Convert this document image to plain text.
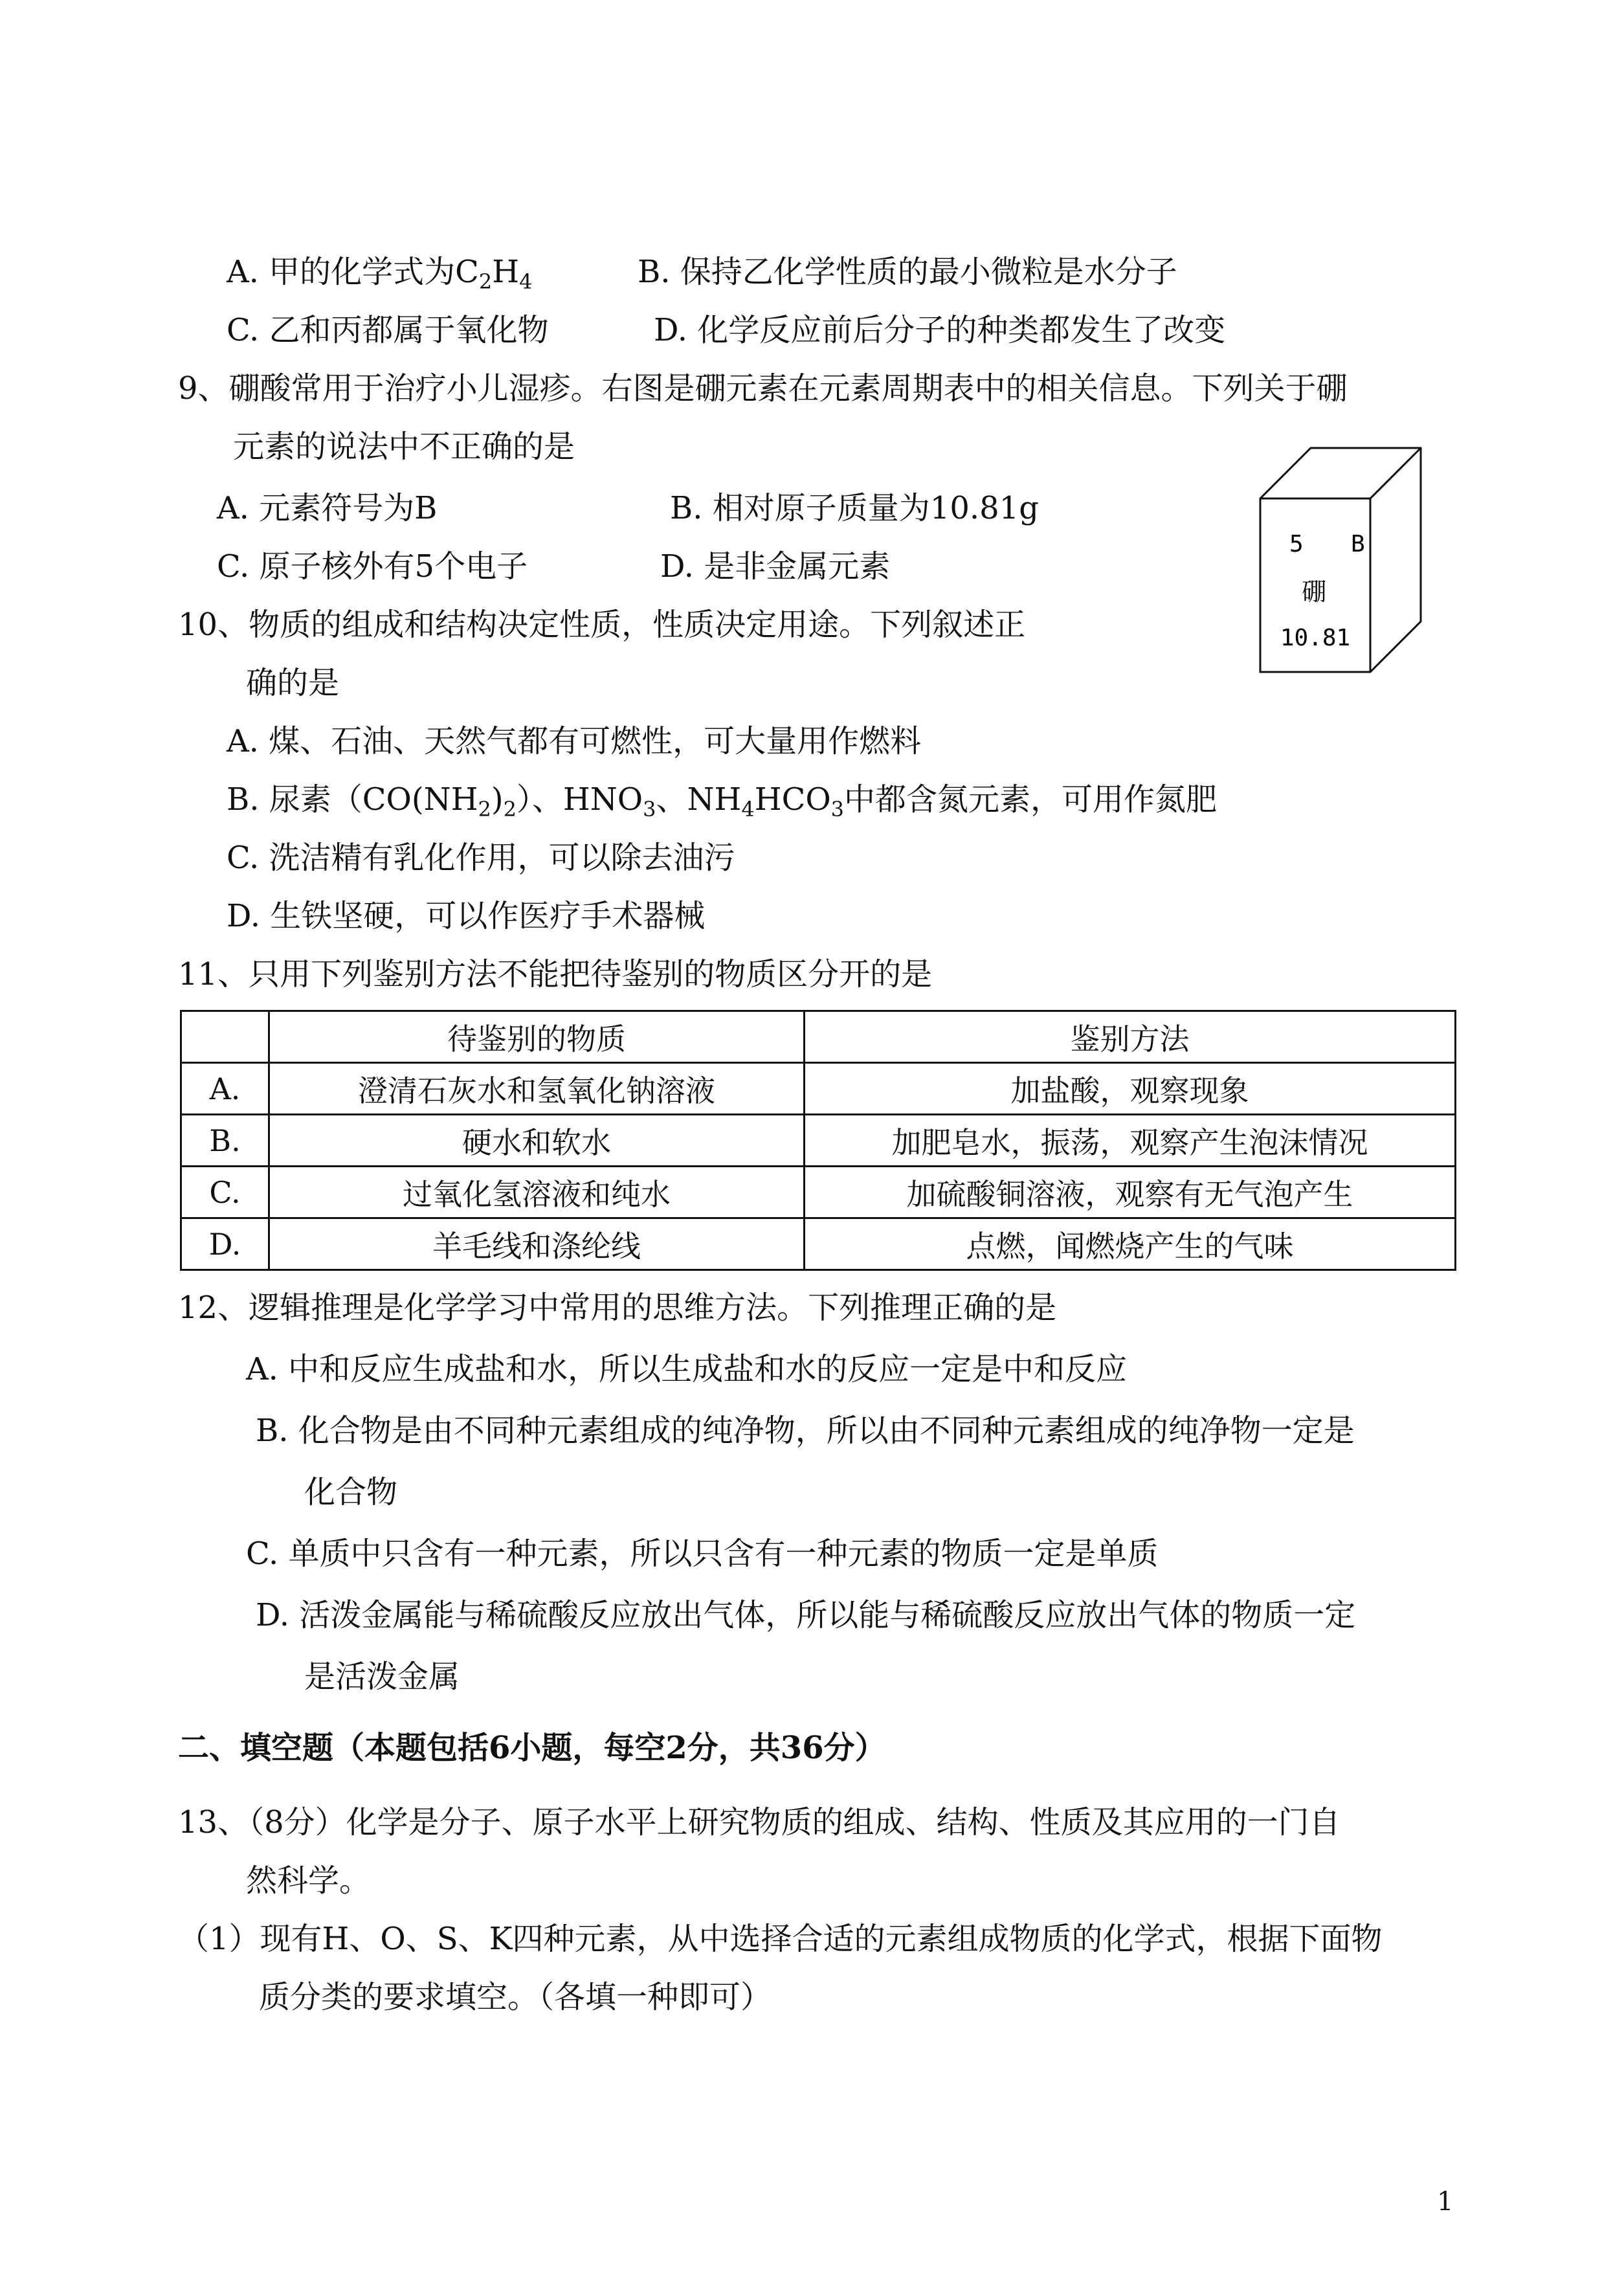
A. 甲的化学式为$C_2H_4$	B. 保持乙化学性质的最小微粒是水分子
C. 乙和丙都属于氧化物	D. 化学反应前后分子的种类都发生了改变
9、硼酸常用于治疗小儿湿疹。右图是硼元素在元素周期表中的相关信息。下列关于硼
元素的说法中不正确的是
A. 元素符号为B	B. 相对原子质量为10.81g
C. 原子核外有5个电子	D. 是非金属元素
5 B
硼
10.81
10、物质的组成和结构决定性质，性质决定用途。下列叙述正
确的是
A. 煤、石油、天然气都有可燃性，可大量用作燃料
B. 尿素$(CO(NH_2)_2)$、$HNO_3$、$NH_4HCO_3$中都含氮元素，可用作氮肥
C. 洗洁精有乳化作用，可以除去油污
D. 生铁坚硬，可以作医疗手术器械
11、只用下列鉴别方法不能把待鉴别的物质区分开的是
	待鉴别的物质	鉴别方法
A.	澄清石灰水和氢氧化钠溶液	加盐酸，观察现象
B.	硬水和软水	加肥皂水，振荡，观察产生泡沫情况
C.	过氧化氢溶液和纯水	加硫酸铜溶液，观察有无气泡产生
D.	羊毛线和涤纶线	点燃，闻燃烧产生的气味
12、逻辑推理是化学学习中常用的思维方法。下列推理正确的是
A. 中和反应生成盐和水，所以生成盐和水的反应一定是中和反应
B. 化合物是由不同种元素组成的纯净物，所以由不同种元素组成的纯净物一定是
化合物
C. 单质中只含有一种元素，所以只含有一种元素的物质一定是单质
D. 活泼金属能与稀硫酸反应放出气体，所以能与稀硫酸反应放出气体的物质一定
是活泼金属
二、填空题（本题包括6小题，每空2分，共36分）
13、（8分）化学是分子、原子水平上研究物质的组成、结构、性质及其应用的一门自
然科学。
（1）现有H、O、S、K四种元素，从中选择合适的元素组成物质的化学式，根据下面物
质分类的要求填空。（各填一种即可）
1
